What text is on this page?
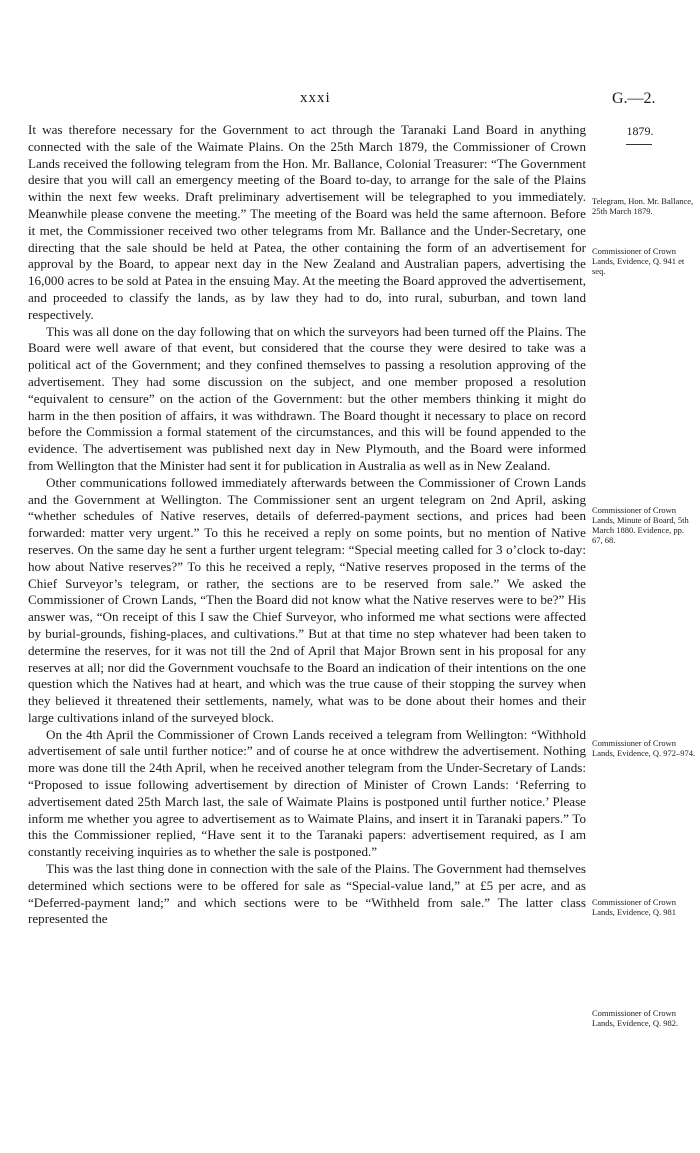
xxxi	G.—2.
1879.
Telegram, Hon. Mr. Ballance, 25th March 1879.
Commissioner of Crown Lands, Evidence, Q. 941 et seq.
Commissioner of Crown Lands, Minute of Board, 5th March 1880. Evidence, pp. 67, 68.
Commissioner of Crown Lands, Evidence, Q. 972–974.
Commissioner of Crown Lands, Evidence, Q. 981
Commissioner of Crown Lands, Evidence, Q. 982.

It was therefore necessary for the Government to act through the Taranaki Land Board in anything connected with the sale of the Waimate Plains. On the 25th March 1879, the Commissioner of Crown Lands received the following telegram from the Hon. Mr. Ballance, Colonial Treasurer: “The Government desire that you will call an emergency meeting of the Board to-day, to arrange for the sale of the Plains within the next few weeks. Draft preliminary advertisement will be telegraphed to you immediately. Meanwhile please convene the meeting.” The meeting of the Board was held the same afternoon. Before it met, the Commissioner received two other telegrams from Mr. Ballance and the Under-Secretary, one directing that the sale should be held at Patea, the other containing the form of an advertisement for approval by the Board, to appear next day in the New Zealand and Australian papers, advertising the 16,000 acres to be sold at Patea in the ensuing May. At the meeting the Board approved the advertisement, and proceeded to classify the lands, as by law they had to do, into rural, suburban, and town land respectively.

This was all done on the day following that on which the surveyors had been turned off the Plains. The Board were well aware of that event, but considered that the course they were desired to take was a political act of the Government; and they confined themselves to passing a resolution approving of the advertisement. They had some discussion on the subject, and one member proposed a resolution “equivalent to censure” on the action of the Government: but the other members thinking it might do harm in the then position of affairs, it was withdrawn. The Board thought it necessary to place on record before the Commission a formal statement of the circumstances, and this will be found appended to the evidence. The advertisement was published next day in New Plymouth, and the Board were informed from Wellington that the Minister had sent it for publication in Australia as well as in New Zealand.

Other communications followed immediately afterwards between the Commissioner of Crown Lands and the Government at Wellington. The Commissioner sent an urgent telegram on 2nd April, asking “whether schedules of Native reserves, details of deferred-payment sections, and prices had been forwarded: matter very urgent.” To this he received a reply on some points, but no mention of Native reserves. On the same day he sent a further urgent telegram: “Special meeting called for 3 o’clock to-day: how about Native reserves?” To this he received a reply, “Native reserves proposed in the terms of the Chief Surveyor’s telegram, or rather, the sections are to be reserved from sale.” We asked the Commissioner of Crown Lands, “Then the Board did not know what the Native reserves were to be?” His answer was, “On receipt of this I saw the Chief Surveyor, who informed me what sections were affected by burial-grounds, fishing-places, and cultivations.” But at that time no step whatever had been taken to determine the reserves, for it was not till the 2nd of April that Major Brown sent in his proposal for any reserves at all; nor did the Government vouchsafe to the Board an indication of their intentions on the one question which the Natives had at heart, and which was the true cause of their stopping the survey when they believed it threatened their settlements, namely, what was to be done about their homes and their large cultivations inland of the surveyed block.

On the 4th April the Commissioner of Crown Lands received a telegram from Wellington: “Withhold advertisement of sale until further notice:” and of course he at once withdrew the advertisement. Nothing more was done till the 24th April, when he received another telegram from the Under-Secretary of Lands: “Proposed to issue following advertisement by direction of Minister of Crown Lands: ‘Referring to advertisement dated 25th March last, the sale of Waimate Plains is postponed until further notice.’ Please inform me whether you agree to advertisement as to Waimate Plains, and insert it in Taranaki papers.” To this the Commissioner replied, “Have sent it to the Taranaki papers: advertisement required, as I am constantly receiving inquiries as to whether the sale is postponed.”

This was the last thing done in connection with the sale of the Plains. The Government had themselves determined which sections were to be offered for sale as “Special-value land,” at £5 per acre, and as “Deferred-payment land;” and which sections were to be “Withheld from sale.” The latter class represented the
